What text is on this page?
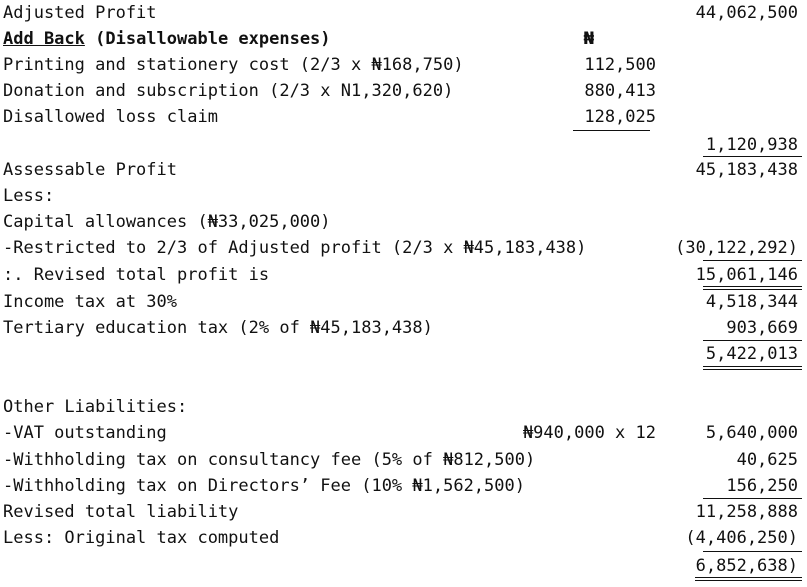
Adjusted Profit	44,062,500
Add Back (Disallowable expenses)	₦
Printing and stationery cost (2/3 x ₦168,750)	112,500
Donation and subscription (2/3 x N1,320,620)	880,413
Disallowed loss claim	128,025
1,120,938
Assessable Profit	45,183,438
Less:
Capital allowances (₦33,025,000)
-Restricted to 2/3 of Adjusted profit (2/3 x ₦45,183,438)	(30,122,292)
:. Revised total profit is	15,061,146
Income tax at 30%	4,518,344
Tertiary education tax (2% of ₦45,183,438)	903,669
5,422,013
Other Liabilities:
-VAT outstanding	₦940,000 x 12	5,640,000
-Withholding tax on consultancy fee (5% of ₦812,500)	40,625
-Withholding tax on Directors’ Fee (10% ₦1,562,500)	156,250
Revised total liability	11,258,888
Less: Original tax computed	(4,406,250)
6,852,638)
